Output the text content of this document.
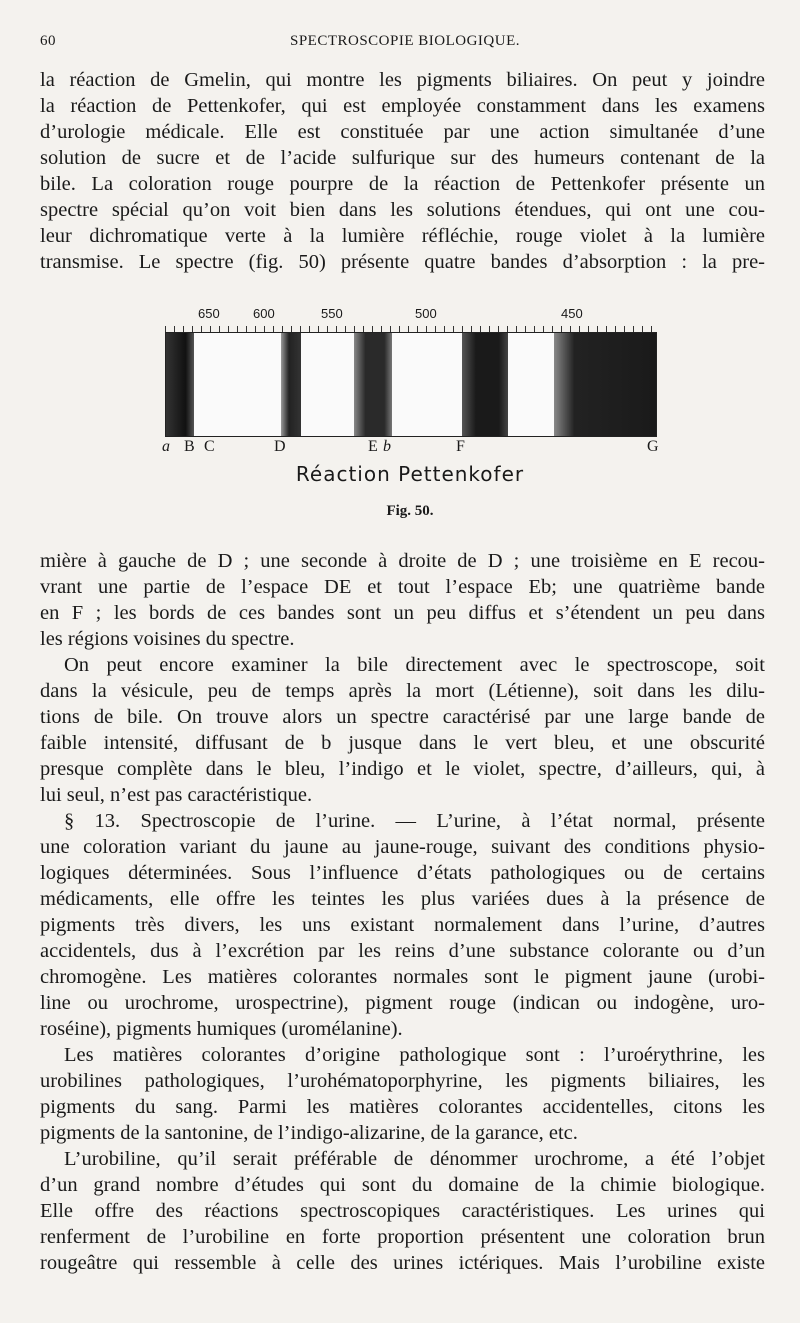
60	SPECTROSCOPIE BIOLOGIQUE.
la réaction de Gmelin, qui montre les pigments biliaires. On peut y joindre
la réaction de Pettenkofer, qui est employée constamment dans les examens
d’urologie médicale. Elle est constituée par une action simultanée d’une
solution de sucre et de l’acide sulfurique sur des humeurs contenant de la
bile. La coloration rouge pourpre de la réaction de Pettenkofer présente un
spectre spécial qu’on voit bien dans les solutions étendues, qui ont une cou-
leur dichromatique verte à la lumière réfléchie, rouge violet à la lumière
transmise. Le spectre (fig. 50) présente quatre bandes d’absorption : la pre-
650	600	550	500	450
a B C	D	E b	F	G
Réaction Pettenkofer
Fig. 50.
mière à gauche de D ; une seconde à droite de D ; une troisième en E recou-
vrant une partie de l’espace DE et tout l’espace Eb; une quatrième bande
en F ; les bords de ces bandes sont un peu diffus et s’étendent un peu dans
les régions voisines du spectre.
On peut encore examiner la bile directement avec le spectroscope, soit
dans la vésicule, peu de temps après la mort (Létienne), soit dans les dilu-
tions de bile. On trouve alors un spectre caractérisé par une large bande de
faible intensité, diffusant de b jusque dans le vert bleu, et une obscurité
presque complète dans le bleu, l’indigo et le violet, spectre, d’ailleurs, qui, à
lui seul, n’est pas caractéristique.
§ 13. Spectroscopie de l’urine. — L’urine, à l’état normal, présente
une coloration variant du jaune au jaune-rouge, suivant des conditions physio-
logiques déterminées. Sous l’influence d’états pathologiques ou de certains
médicaments, elle offre les teintes les plus variées dues à la présence de
pigments très divers, les uns existant normalement dans l’urine, d’autres
accidentels, dus à l’excrétion par les reins d’une substance colorante ou d’un
chromogène. Les matières colorantes normales sont le pigment jaune (urobi-
line ou urochrome, urospectrine), pigment rouge (indican ou indogène, uro-
roséine), pigments humiques (uromélanine).
Les matières colorantes d’origine pathologique sont : l’uroérythrine, les
urobilines pathologiques, l’urohématoporphyrine, les pigments biliaires, les
pigments du sang. Parmi les matières colorantes accidentelles, citons les
pigments de la santonine, de l’indigo-alizarine, de la garance, etc.
L’urobiline, qu’il serait préférable de dénommer urochrome, a été l’objet
d’un grand nombre d’études qui sont du domaine de la chimie biologique.
Elle offre des réactions spectroscopiques caractéristiques. Les urines qui
renferment de l’urobiline en forte proportion présentent une coloration brun
rougeâtre qui ressemble à celle des urines ictériques. Mais l’urobiline existe
